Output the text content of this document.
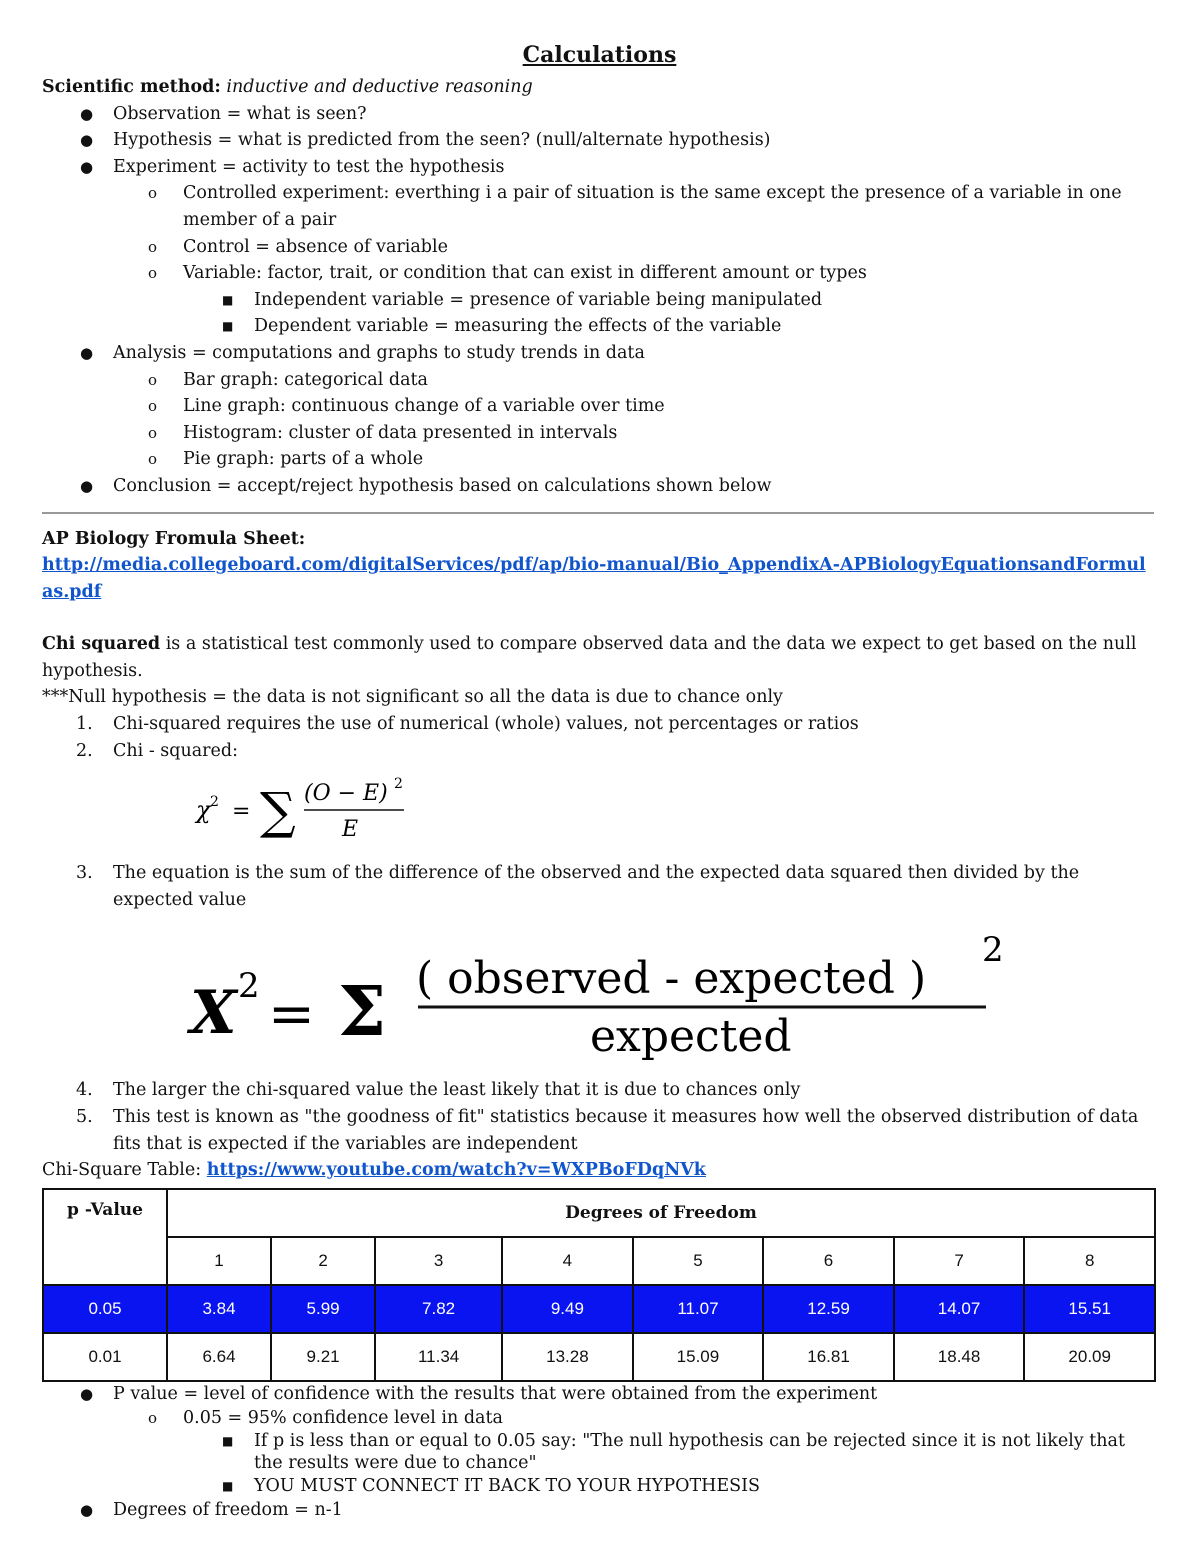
Calculations
Scientific method: inductive and deductive reasoning
● Observation = what is seen?
● Hypothesis = what is predicted from the seen? (null/alternate hypothesis)
● Experiment = activity to test the hypothesis
o Controlled experiment: everthing i a pair of situation is the same except the presence of a variable in one member of a pair
o Control = absence of variable
o Variable: factor, trait, or condition that can exist in different amount or types
■ Independent variable = presence of variable being manipulated
■ Dependent variable = measuring the effects of the variable
● Analysis = computations and graphs to study trends in data
o Bar graph: categorical data
o Line graph: continuous change of a variable over time
o Histogram: cluster of data presented in intervals
o Pie graph: parts of a whole
● Conclusion = accept/reject hypothesis based on calculations shown below
AP Biology Fromula Sheet:
http://media.collegeboard.com/digitalServices/pdf/ap/bio-manual/Bio_AppendixA-APBiologyEquationsandFormulas.pdf
Chi squared is a statistical test commonly used to compare observed data and the data we expect to get based on the null hypothesis.
***Null hypothesis = the data is not significant so all the data is due to chance only
1. Chi-squared requires the use of numerical (whole) values, not percentages or ratios
2. Chi - squared:
χ 2 = ∑ (O − E) 2
E
3. The equation is the sum of the difference of the observed and the expected data squared then divided by the expected value
X 2 = Σ ( observed - expected )
2
expected
4. The larger the chi-squared value the least likely that it is due to chances only
5. This test is known as "the goodness of fit" statistics because it measures how well the observed distribution of data fits that is expected if the variables are independent
Chi-Square Table: https://www.youtube.com/watch?v=WXPBoFDqNVk
p -Value	Degrees of Freedom							
	1	2	3	4	5	6	7	8
0.05	3.84	5.99	7.82	9.49	11.07	12.59	14.07	15.51
0.01	6.64	9.21	11.34	13.28	15.09	16.81	18.48	20.09
● P value = level of confidence with the results that were obtained from the experiment
o 0.05 = 95% confidence level in data
■ If p is less than or equal to 0.05 say: "The null hypothesis can be rejected since it is not likely that the results were due to chance"
■ YOU MUST CONNECT IT BACK TO YOUR HYPOTHESIS
● Degrees of freedom = n-1
